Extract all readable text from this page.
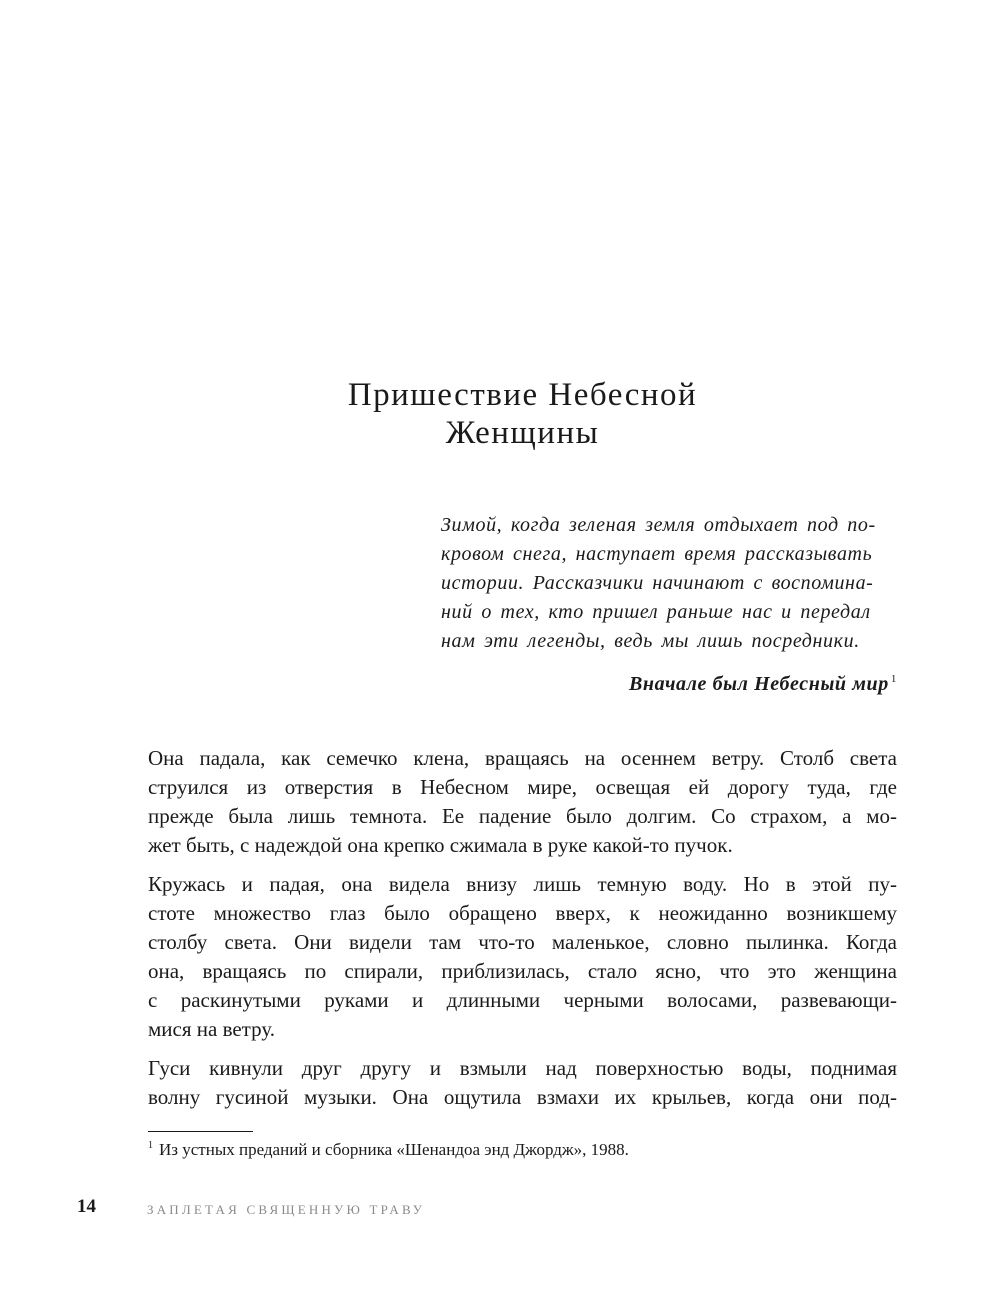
Пришествие Небесной
Женщины
Зимой, когда зеленая земля отдыхает под по-
кровом снега, наступает время рассказывать
истории. Рассказчики начинают с воспомина-
ний о тех, кто пришел раньше нас и передал
нам эти легенды, ведь мы лишь посредники.
Вначале был Небесный мир $^1$
Она падала, как семечко клена, вращаясь на осеннем ветру. Столб света
струился из отверстия в Небесном мире, освещая ей дорогу туда, где
прежде была лишь темнота. Ее падение было долгим. Со страхом, а мо-
жет быть, с надеждой она крепко сжимала в руке какой-то пучок.
Кружась и падая, она видела внизу лишь темную воду. Но в этой пу-
стоте множество глаз было обращено вверх, к неожиданно возникшему
столбу света. Они видели там что-то маленькое, словно пылинка. Когда
она, вращаясь по спирали, приблизилась, стало ясно, что это женщина
с раскинутыми руками и длинными черными волосами, развевающи-
мися на ветру.
Гуси кивнули друг другу и взмыли над поверхностью воды, поднимая
волну гусиной музыки. Она ощутила взмахи их крыльев, когда они под-
$^1$ Из устных преданий и сборника «Шенандоа энд Джордж», 1988.
14	ЗАПЛЕТАЯ СВЯЩЕННУЮ ТРАВУ
